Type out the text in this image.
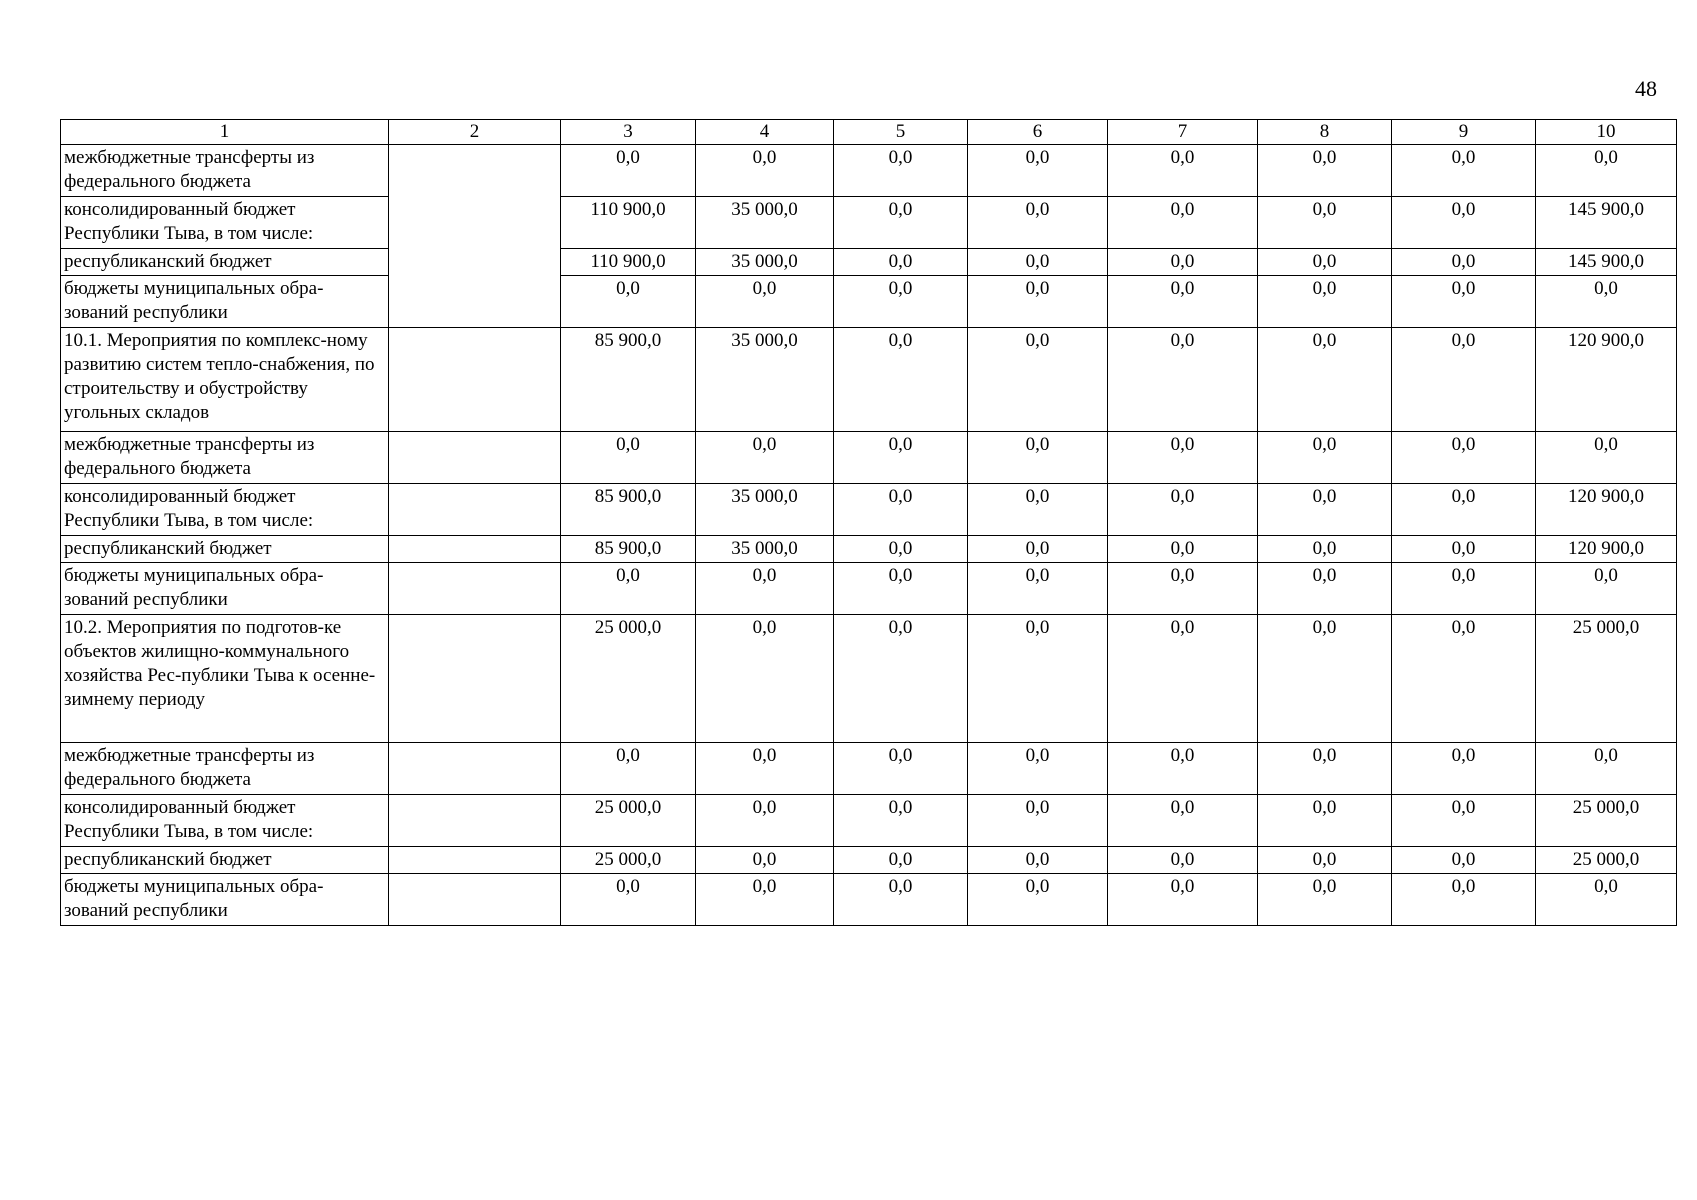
48
1	2	3	4	5	6	7	8	9	10
межбюджетные трансферты из федерального бюджета		0,0	0,0	0,0	0,0	0,0	0,0	0,0	0,0
консолидированный бюджет Республики Тыва, в том числе:		110 900,0	35 000,0	0,0	0,0	0,0	0,0	0,0	145 900,0
республиканский бюджет		110 900,0	35 000,0	0,0	0,0	0,0	0,0	0,0	145 900,0
бюджеты муниципальных обра-зований республики		0,0	0,0	0,0	0,0	0,0	0,0	0,0	0,0
10.1. Мероприятия по комплекс-ному развитию систем тепло-снабжения, по строительству и обустройству угольных складов		85 900,0	35 000,0	0,0	0,0	0,0	0,0	0,0	120 900,0
межбюджетные трансферты из федерального бюджета		0,0	0,0	0,0	0,0	0,0	0,0	0,0	0,0
консолидированный бюджет Республики Тыва, в том числе:		85 900,0	35 000,0	0,0	0,0	0,0	0,0	0,0	120 900,0
республиканский бюджет		85 900,0	35 000,0	0,0	0,0	0,0	0,0	0,0	120 900,0
бюджеты муниципальных обра-зований республики		0,0	0,0	0,0	0,0	0,0	0,0	0,0	0,0
10.2. Мероприятия по подготов-ке объектов жилищно-коммунального хозяйства Рес-публики Тыва к осенне-зимнему периоду		25 000,0	0,0	0,0	0,0	0,0	0,0	0,0	25 000,0
межбюджетные трансферты из федерального бюджета		0,0	0,0	0,0	0,0	0,0	0,0	0,0	0,0
консолидированный бюджет Республики Тыва, в том числе:		25 000,0	0,0	0,0	0,0	0,0	0,0	0,0	25 000,0
республиканский бюджет		25 000,0	0,0	0,0	0,0	0,0	0,0	0,0	25 000,0
бюджеты муниципальных обра-зований республики		0,0	0,0	0,0	0,0	0,0	0,0	0,0	0,0
